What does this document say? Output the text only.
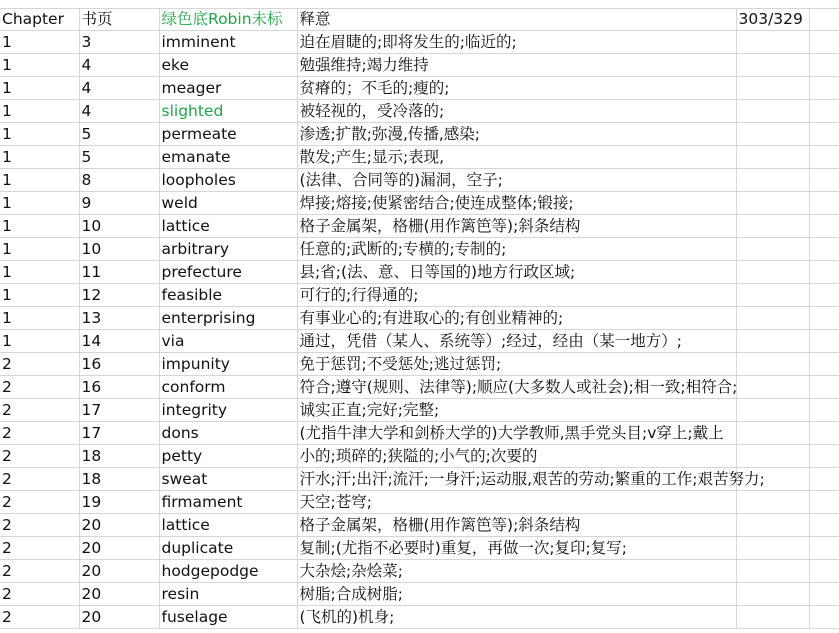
Chapter	书页	绿色底Robin未标	释意	303/329	
1	3	imminent	迫在眉睫的;即将发生的;临近的;		
1	4	eke	勉强维持;竭力维持		
1	4	meager	贫瘠的；不毛的;瘦的;		
1	4	slighted	被轻视的，受冷落的;		
1	5	permeate	渗透;扩散;弥漫,传播,感染;		
1	5	emanate	散发;产生;显示;表现,		
1	8	loopholes	(法律、合同等的)漏洞，空子;		
1	9	weld	焊接;熔接;使紧密结合;使连成整体;锻接;		
1	10	lattice	格子金属架，格栅(用作篱笆等);斜条结构		
1	10	arbitrary	任意的;武断的;专横的;专制的;		
1	11	prefecture	县;省;(法、意、日等国的)地方行政区域;		
1	12	feasible	可行的;行得通的;		
1	13	enterprising	有事业心的;有进取心的;有创业精神的;		
1	14	via	通过，凭借（某人、系统等）;经过，经由（某一地方）;		
2	16	impunity	免于惩罚;不受惩处;逃过惩罚;		
2	16	conform	符合;遵守(规则、法律等);顺应(大多数人或社会);相一致;相符合;		
2	17	integrity	诚实正直;完好;完整;		
2	17	dons	(尤指牛津大学和剑桥大学的)大学教师,黑手党头目;v穿上;戴上		
2	18	petty	小的;琐碎的;狭隘的;小气的;次要的		
2	18	sweat	汗水;汗;出汗;流汗;一身汗;运动服,艰苦的劳动;繁重的工作;艰苦努力;		
2	19	firmament	天空;苍穹;		
2	20	lattice	格子金属架，格栅(用作篱笆等);斜条结构		
2	20	duplicate	复制;(尤指不必要时)重复，再做一次;复印;复写;		
2	20	hodgepodge	大杂烩;杂烩菜;		
2	20	resin	树脂;合成树脂;		
2	20	fuselage	(飞机的)机身;		
